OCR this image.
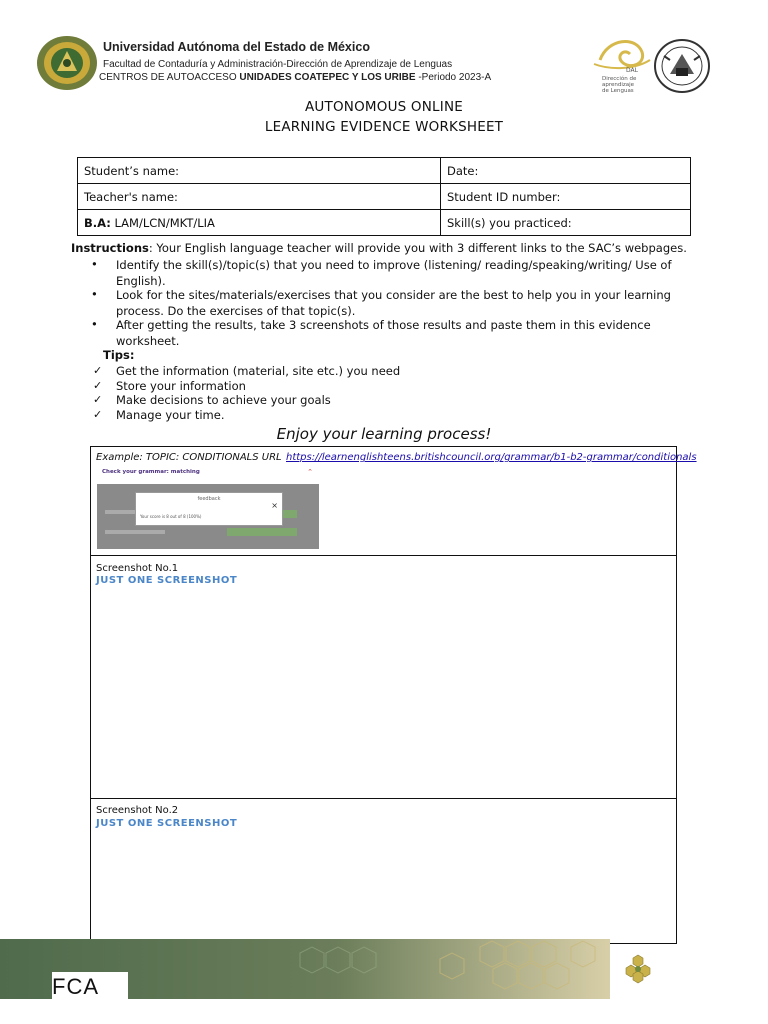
Universidad Autónoma del Estado de México
Facultad de Contaduría y Administración-Dirección de Aprendizaje de Lenguas
CENTROS DE AUTOACCESO UNIDADES COATEPEC Y LOS URIBE -Periodo 2023-A
DAL
Dirección de
aprendizaje
de Lenguas
AUTONOMOUS ONLINE
LEARNING EVIDENCE WORKSHEET
Student’s name:	Date:
Teacher's name:	Student ID number:
B.A: LAM/LCN/MKT/LIA	Skill(s) you practiced:
Instructions: Your English language teacher will provide you with 3 different links to the SAC’s webpages.
• Identify the skill(s)/topic(s) that you need to improve (listening/ reading/speaking/writing/ Use of English).
• Look for the sites/materials/exercises that you consider are the best to help you in your learning process. Do the exercises of that topic(s).
• After getting the results, take 3 screenshots of those results and paste them in this evidence worksheet.
Tips:
✓ Get the information (material, site etc.) you need
✓ Store your information
✓ Make decisions to achieve your goals
✓ Manage your time.
Enjoy your learning process!
Example: TOPIC: CONDITIONALS URL https://learnenglishteens.britishcouncil.org/grammar/b1-b2-grammar/conditionals
Check your grammar: matching	⌃
feedback
×
Your score is 8 out of 8 (100%)
Screenshot No.1
JUST ONE SCREENSHOT
Screenshot No.2
JUST ONE SCREENSHOT
FCA
